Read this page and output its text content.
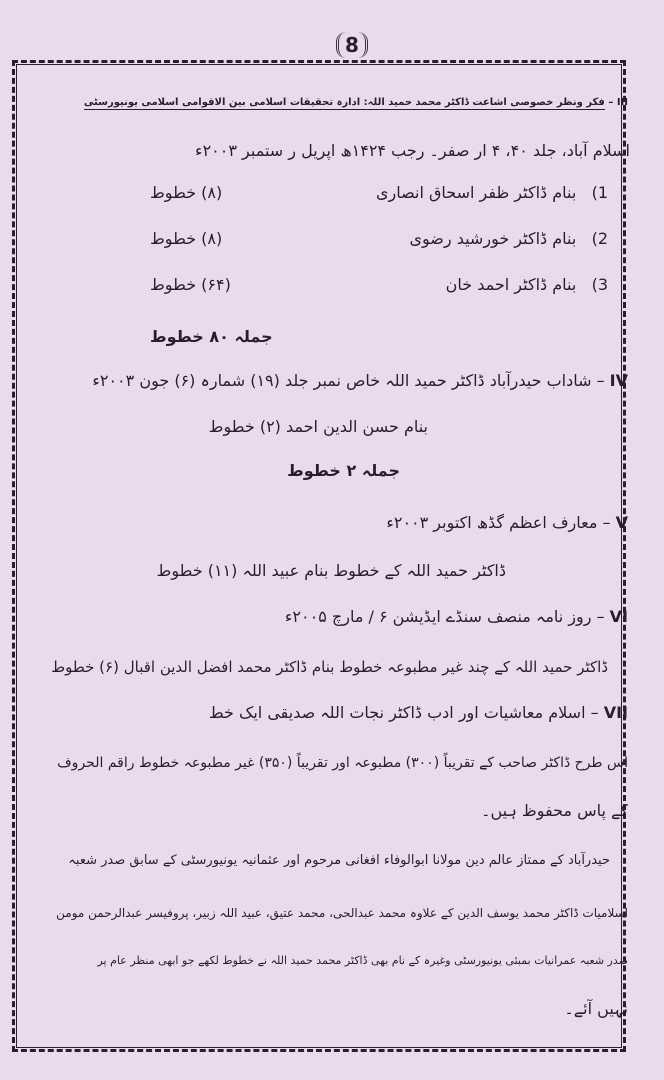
8
III – فکر ونظر خصوصی اشاعت ڈاکٹر محمد حمید اللہ: ادارہ تحقیقات اسلامی بین الاقوامی اسلامی یونیورسٹی
اسلام آباد، جلد ۴۰، ۴ ار صفر۔ رجب ۱۴۲۴ھ اپریل ر ستمبر ۲۰۰۳ء
1)   بنام ڈاکٹر ظفر اسحاق انصاری
(۸) خطوط
2)   بنام ڈاکٹر خورشید رضوی
(۸) خطوط
3)   بنام ڈاکٹر احمد خان
(۶۴) خطوط
جملہ ۸۰ خطوط
IV – شاداب حیدرآباد ڈاکٹر حمید اللہ خاص نمبر جلد (۱۹) شمارہ (۶) جون ۲۰۰۳ء
بنام حسن الدین احمد (۲) خطوط
جملہ ۲ خطوط
V – معارف اعظم گڈھ اکتوبر ۲۰۰۳ء
ڈاکٹر حمید اللہ کے خطوط بنام عبید اللہ (۱۱) خطوط
VI – روز نامہ منصف سنڈے ایڈیشن ۶ / مارچ ۲۰۰۵ء
ڈاکٹر حمید اللہ کے چند غیر مطبوعہ خطوط بنام ڈاکٹر محمد افضل الدین اقبال (۶) خطوط
VII – اسلام معاشیات اور ادب ڈاکٹر نجات اللہ صدیقی ایک خط
اس طرح ڈاکٹر صاحب کے تقریباً (۳۰۰) مطبوعہ اور تقریباً (۳۵۰) غیر مطبوعہ خطوط راقم الحروف
کے پاس محفوظ ہیں۔
حیدرآباد کے ممتاز عالم دین مولانا ابوالوفاء افغانی مرحوم اور عثمانیہ یونیورسٹی کے سابق صدر شعبہ
اسلامیات ڈاکٹر محمد یوسف الدین کے علاوہ محمد عبدالحی، محمد عتیق، عبید اللہ زبیر، پروفیسر عبدالرحمن مومن
صدر شعبہ عمرانیات بمبئی یونیورسٹی وغیرہ کے نام بھی ڈاکٹر محمد حمید اللہ نے خطوط لکھے جو ابھی منظر عام پر
نہیں آئے۔
